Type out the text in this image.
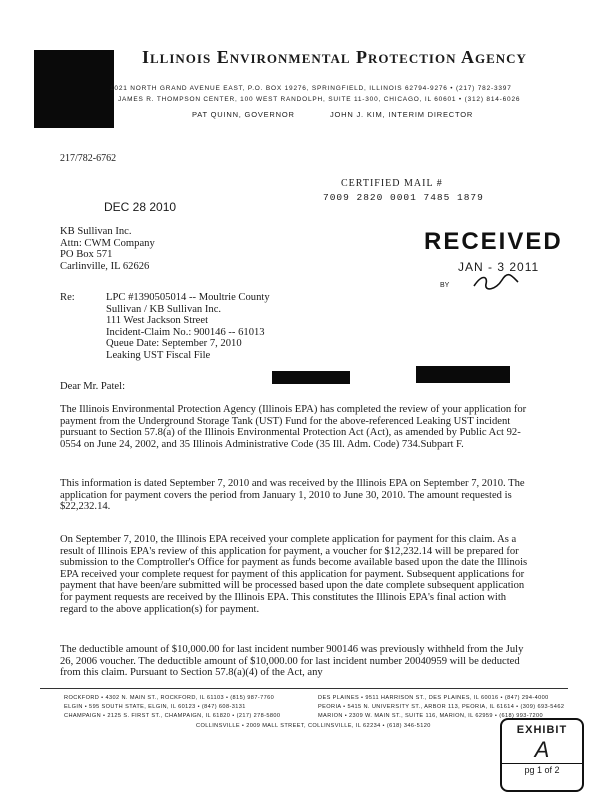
Illinois Environmental Protection Agency
1021 NORTH GRAND AVENUE EAST, P.O. BOX 19276, SPRINGFIELD, ILLINOIS 62794-9276 • (217) 782-3397
JAMES R. THOMPSON CENTER, 100 WEST RANDOLPH, SUITE 11-300, CHICAGO, IL 60601 • (312) 814-6026
PAT QUINN, GOVERNOR	JOHN J. KIM, INTERIM DIRECTOR
217/782-6762
CERTIFIED MAIL #
7009 2820 0001 7485 1879
DEC 28 2010
RECEIVED
JAN - 3 2011
BY
KB Sullivan Inc.
Attn: CWM Company
PO Box 571
Carlinville, IL 62626
Re:	LPC #1390505014 -- Moultrie County
Sullivan / KB Sullivan Inc.
111 West Jackson Street
Incident-Claim No.: 900146 -- 61013
Queue Date: September 7, 2010
Leaking UST Fiscal File
Dear Mr. Patel:

The Illinois Environmental Protection Agency (Illinois EPA) has completed the review of your application for payment from the Underground Storage Tank (UST) Fund for the above-referenced Leaking UST incident pursuant to Section 57.8(a) of the Illinois Environmental Protection Act (Act), as amended by Public Act 92-0554 on June 24, 2002, and 35 Illinois Administrative Code (35 Ill. Adm. Code) 734.Subpart F.

This information is dated September 7, 2010 and was received by the Illinois EPA on September 7, 2010. The application for payment covers the period from January 1, 2010 to June 30, 2010. The amount requested is $22,232.14.

On September 7, 2010, the Illinois EPA received your complete application for payment for this claim. As a result of Illinois EPA's review of this application for payment, a voucher for $12,232.14 will be prepared for submission to the Comptroller's Office for payment as funds become available based upon the date the Illinois EPA received your complete request for payment of this application for payment. Subsequent applications for payment that have been/are submitted will be processed based upon the date complete subsequent application for payment requests are received by the Illinois EPA. This constitutes the Illinois EPA's final action with regard to the above application(s) for payment.

The deductible amount of $10,000.00 for last incident number 900146 was previously withheld from the July 26, 2006 voucher. The deductible amount of $10,000.00 for last incident number 20040959 will be deducted from this claim. Pursuant to Section 57.8(a)(4) of the Act, any

ROCKFORD • 4302 N. MAIN ST., ROCKFORD, IL 61103 • (815) 987-7760
ELGIN • 595 SOUTH STATE, ELGIN, IL 60123 • (847) 608-3131
CHAMPAIGN • 2125 S. FIRST ST., CHAMPAIGN, IL 61820 • (217) 278-5800
DES PLAINES • 9511 HARRISON ST., DES PLAINES, IL 60016 • (847) 294-4000
PEORIA • 5415 N. UNIVERSITY ST., ARBOR 113, PEORIA, IL 61614 • (309) 693-5462
MARION • 2309 W. MAIN ST., SUITE 116, MARION, IL 62959 • (618) 993-7200
COLLINSVILLE • 2009 MALL STREET, COLLINSVILLE, IL 62234 • (618) 346-5120	EXHIBIT
A
pg 1 of 2
